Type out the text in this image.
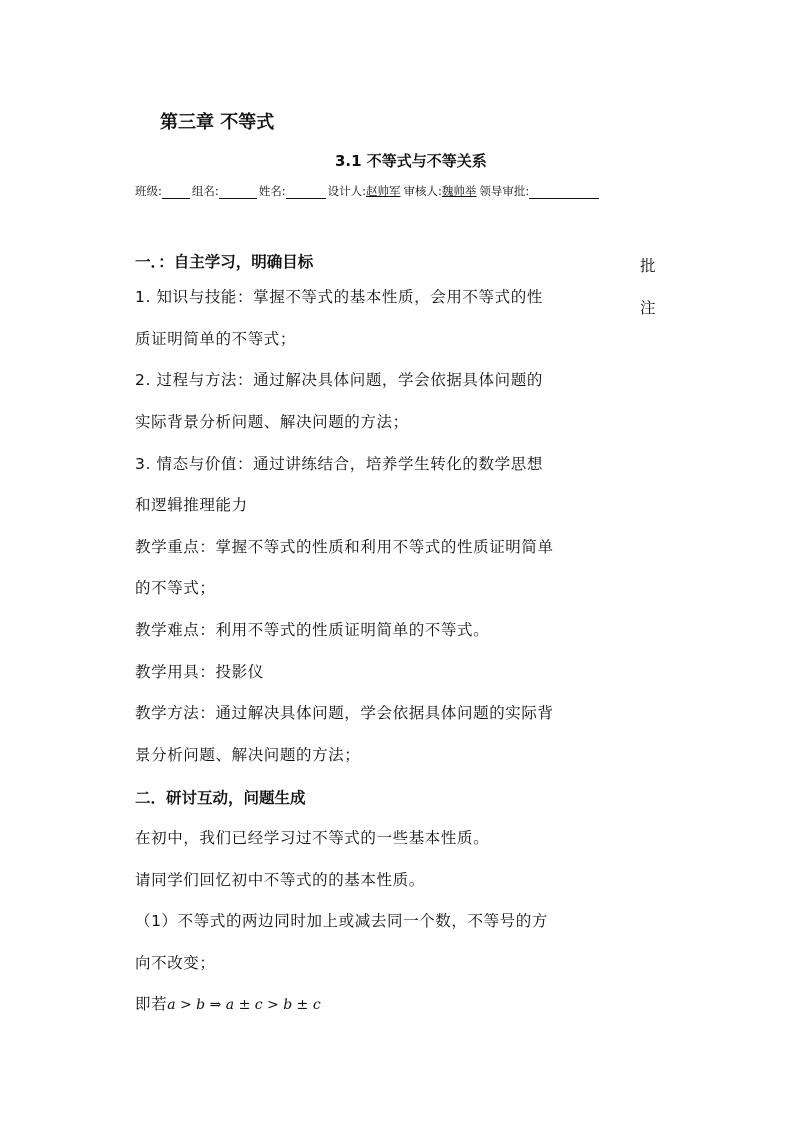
第三章 不等式
3.1 不等式与不等关系
班级:	组名:	姓名:	设计人: 赵帅军 审核人: 魏帅举 领导审批:
批
注
一．：自主学习，明确目标
1. 知识与技能：掌握不等式的基本性质，会用不等式的性
质证明简单的不等式；
2. 过程与方法：通过解决具体问题，学会依据具体问题的
实际背景分析问题、解决问题的方法；
3. 情态与价值：通过讲练结合，培养学生转化的数学思想
和逻辑推理能力
教学重点：掌握不等式的性质和利用不等式的性质证明简单
的不等式；
教学难点：利用不等式的性质证明简单的不等式。
教学用具：投影仪
教学方法：通过解决具体问题，学会依据具体问题的实际背
景分析问题、解决问题的方法；
二．研讨互动，问题生成
在初中，我们已经学习过不等式的一些基本性质。
请同学们回忆初中不等式的的基本性质。
（1）不等式的两边同时加上或减去同一个数，不等号的方
向不改变；
即若a > b ⇒ a ± c > b ± c
